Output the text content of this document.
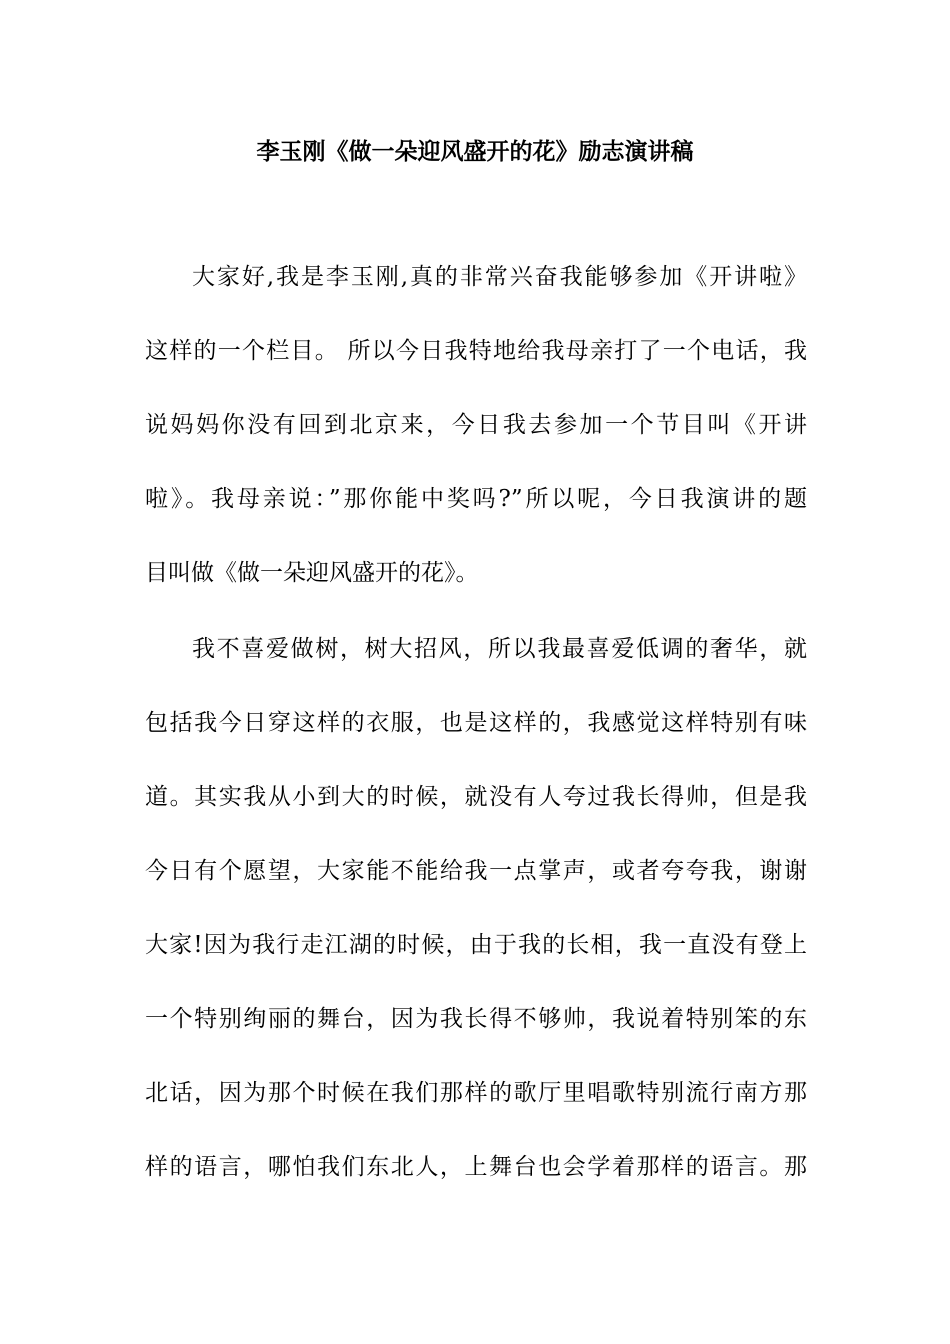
李玉刚《做一朵迎风盛开的花》励志演讲稿

大家好,我是李玉刚,真的非常兴奋我能够参加《开讲啦》

这样的一个栏目。 所以今日我特地给我母亲打了一个电话，我

说妈妈你没有回到北京来，今日我去参加一个节目叫《开讲

啦》。我母亲说：”那你能中奖吗?”所以呢，今日我演讲的题

目叫做《做一朵迎风盛开的花》。

我不喜爱做树，树大招风，所以我最喜爱低调的奢华，就

包括我今日穿这样的衣服，也是这样的，我感觉这样特别有味

道。其实我从小到大的时候，就没有人夸过我长得帅，但是我

今日有个愿望，大家能不能给我一点掌声，或者夸夸我，谢谢

大家!因为我行走江湖的时候，由于我的长相，我一直没有登上

一个特别绚丽的舞台，因为我长得不够帅，我说着特别笨的东

北话，因为那个时候在我们那样的歌厅里唱歌特别流行南方那

样的语言，哪怕我们东北人，上舞台也会学着那样的语言。那
